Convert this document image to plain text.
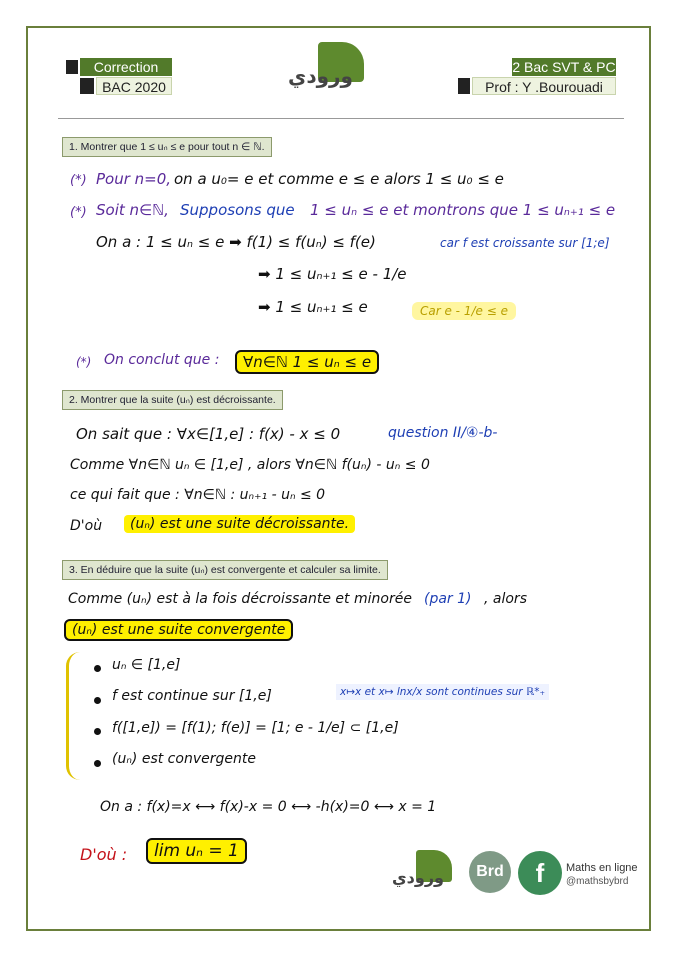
Correction
BAC 2020	ورودي	2 Bac SVT & PC
Prof : Y .Bourouadi
1. Montrer que 1 ≤ uₙ ≤ e pour tout n ∈ ℕ.
(*) Pour n=0, on a u₀= e et comme e ≤ e alors 1 ≤ u₀ ≤ e
(*) Soit n∈ℕ, Supposons que 1 ≤ uₙ ≤ e et montrons que 1 ≤ uₙ₊₁ ≤ e
On a : 1 ≤ uₙ ≤ e ➡ f(1) ≤ f(uₙ) ≤ f(e)	car f est croissante sur [1;e]
➡ 1 ≤ uₙ₊₁ ≤ e - 1/e
➡ 1 ≤ uₙ₊₁ ≤ e	Car e - 1/e ≤ e
(*) On conclut que :	∀n∈ℕ 1 ≤ uₙ ≤ e
2. Montrer que la suite (uₙ) est décroissante.
On sait que : ∀x∈[1,e] : f(x) - x ≤ 0	question II/④-b-
Comme ∀n∈ℕ uₙ ∈ [1,e] , alors ∀n∈ℕ f(uₙ) - uₙ ≤ 0
ce qui fait que : ∀n∈ℕ : uₙ₊₁ - uₙ ≤ 0
D'où	(uₙ) est une suite décroissante.
3. En déduire que la suite (uₙ) est convergente et calculer sa limite.
Comme (uₙ) est à la fois décroissante et minorée (par 1) , alors
(uₙ) est une suite convergente
uₙ ∈ [1,e]
f est continue sur [1,e]	x↦x et x↦ lnx/x sont continues sur ℝ*₊
f([1,e]) = [f(1); f(e)] = [1; e - 1/e] ⊂ [1,e]
(uₙ) est convergente
On a : f(x)=x ⟷ f(x)-x = 0 ⟷ -h(x)=0 ⟷ x = 1
D'où :	lim uₙ = 1
ورودي	Brd	f	Maths en ligne
@mathsbybrd
